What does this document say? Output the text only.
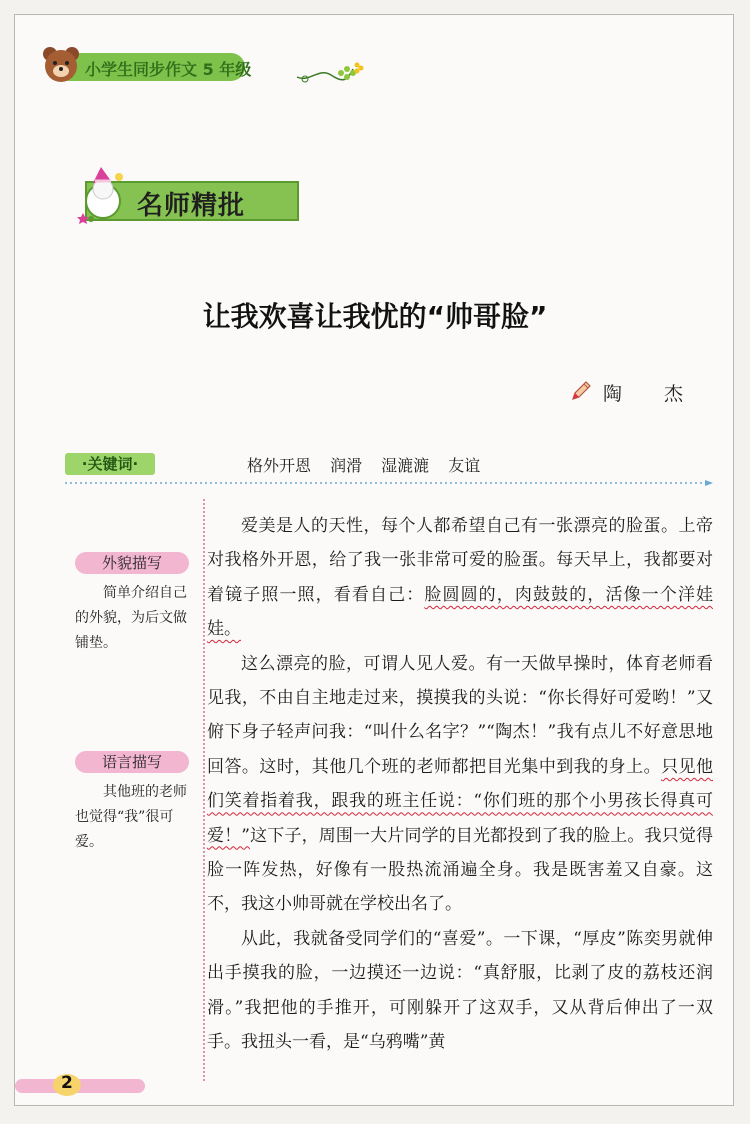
小学生同步作文 5 年级
名师精批
让我欢喜让我忧的“帅哥脸”
陶 杰
·关键词·	格外开恩 润滑 湿漉漉 友谊
外貌描写
简单介绍自己的外貌，为后文做铺垫。
语言描写
其他班的老师也觉得“我”很可爱。

爱美是人的天性，每个人都希望自己有一张漂亮的脸蛋。上帝对我格外开恩，给了我一张非常可爱的脸蛋。每天早上，我都要对着镜子照一照，看看自己：脸圆圆的，肉鼓鼓的，活像一个洋娃娃。

这么漂亮的脸，可谓人见人爱。有一天做早操时，体育老师看见我，不由自主地走过来，摸摸我的头说：“你长得好可爱哟！”又俯下身子轻声问我：“叫什么名字？”“陶杰！”我有点儿不好意思地回答。这时，其他几个班的老师都把目光集中到我的身上。只见他们笑着指着我，跟我的班主任说：“你们班的那个小男孩长得真可爱！”这下子，周围一大片同学的目光都投到了我的脸上。我只觉得脸一阵发热，好像有一股热流涌遍全身。我是既害羞又自豪。这不，我这小帅哥就在学校出名了。

从此，我就备受同学们的“喜爱”。一下课，“厚皮”陈奕男就伸出手摸我的脸，一边摸还一边说：“真舒服，比剥了皮的荔枝还润滑。”我把他的手推开，可刚躲开了这双手，又从背后伸出了一双手。我扭头一看，是“乌鸦嘴”黄

2
